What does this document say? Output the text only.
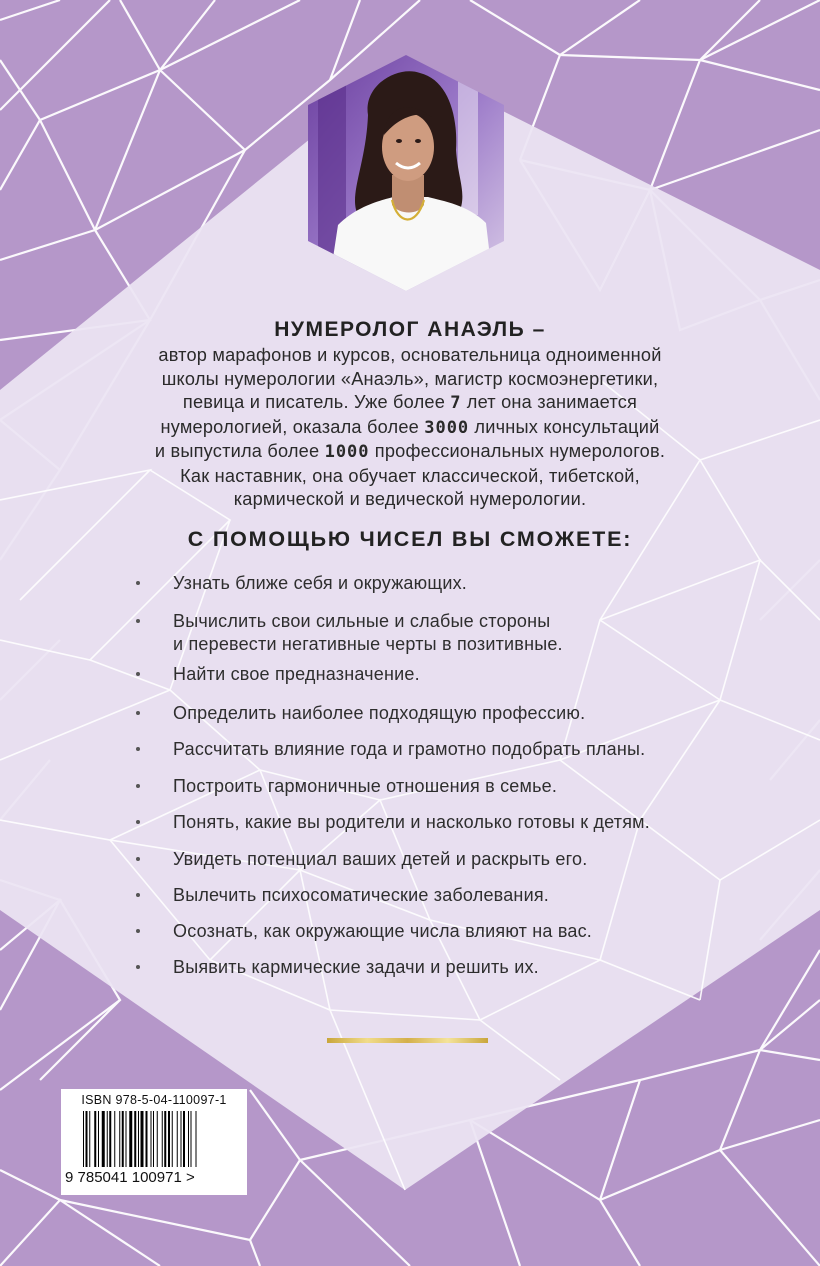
НУМЕРОЛОГ АНАЭЛЬ –
автор марафонов и курсов, основательница одноименной
школы нумерологии «Анаэль», магистр космоэнергетики,
певица и писатель. Уже более 7 лет она занимается
нумерологией, оказала более 3000 личных консультаций
и выпустила более 1000 профессиональных нумерологов.
Как наставник, она обучает классической, тибетской,
кармической и ведической нумерологии.
С ПОМОЩЬЮ ЧИСЕЛ ВЫ СМОЖЕТЕ:
Узнать ближе себя и окружающих.
Вычислить свои сильные и слабые стороны
и перевести негативные черты в позитивные.
Найти свое предназначение.
Определить наиболее подходящую профессию.
Рассчитать влияние года и грамотно подобрать планы.
Построить гармоничные отношения в семье.
Понять, какие вы родители и насколько готовы к детям.
Увидеть потенциал ваших детей и раскрыть его.
Вылечить психосоматические заболевания.
Осознать, как окружающие числа влияют на вас.
Выявить кармические задачи и решить их.
ISBN 978-5-04-110097-1
9 785041 100971 >
